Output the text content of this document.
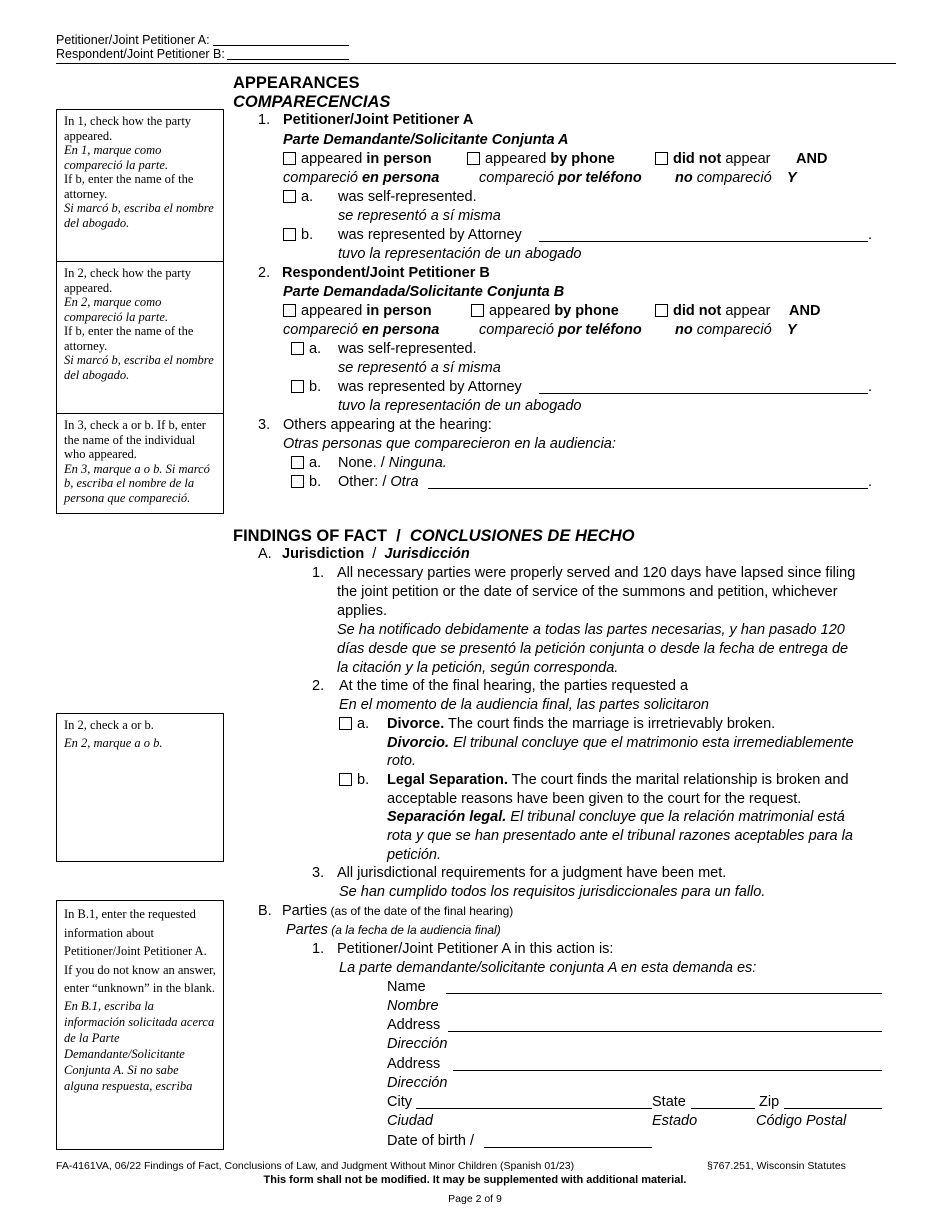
Petitioner/Joint Petitioner A:
Respondent/Joint Petitioner B:
In 1, check how the party appeared.
En 1, marque como compareció la parte.
If b, enter the name of the attorney.
Si marcó b, escriba el nombre del abogado.
In 2, check how the party appeared.
En 2, marque como compareció la parte.
If b, enter the name of the attorney.
Si marcó b, escriba el nombre del abogado.
In 3, check a or b. If b, enter the name of the individual who appeared.
En 3, marque a o b. Si marcó b, escriba el nombre de la persona que compareció.
In 2, check a or b.
En 2, marque a o b.
In B.1, enter the requested information about Petitioner/Joint Petitioner A. If you do not know an answer, enter “unknown” in the blank.
En B.1, escriba la información solicitada acerca de la Parte Demandante/Solicitante Conjunta A. Si no sabe alguna respuesta, escriba
APPEARANCES
COMPARECENCIAS
1. Petitioner/Joint Petitioner A
Parte Demandante/Solicitante Conjunta A
appeared in person	appeared by phone	did not appear AND
compareció en persona	compareció por teléfono no compareció Y
a. was self-represented.
se representó a sí misma
b. was represented by Attorney	.
tuvo la representación de un abogado
2. Respondent/Joint Petitioner B
Parte Demandada/Solicitante Conjunta B
appeared in person	appeared by phone	did not appear AND
compareció en persona	compareció por teléfono no compareció Y
a. was self-represented.
se representó a sí misma
b. was represented by Attorney	.
tuvo la representación de un abogado
3. Others appearing at the hearing:
Otras personas que comparecieron en la audiencia:
a. None. / Ninguna.
b. Other: / Otra	.
FINDINGS OF FACT  /  CONCLUSIONES DE HECHO
A. Jurisdiction  /  Jurisdicción
1. All necessary parties were properly served and 120 days have lapsed since filing
the joint petition or the date of service of the summons and petition, whichever
applies.
Se ha notificado debidamente a todas las partes necesarias, y han pasado 120
días desde que se presentó la petición conjunta o desde la fecha de entrega de
la citación y la petición, según corresponda.
2. At the time of the final hearing, the parties requested a
En el momento de la audiencia final, las partes solicitaron
a. Divorce. The court finds the marriage is irretrievably broken.
Divorcio. El tribunal concluye que el matrimonio esta irremediablemente
roto.
b. Legal Separation. The court finds the marital relationship is broken and
acceptable reasons have been given to the court for the request.
Separación legal. El tribunal concluye que la relación matrimonial está
rota y que se han presentado ante el tribunal razones aceptables para la
petición.
3. All jurisdictional requirements for a judgment have been met.
Se han cumplido todos los requisitos jurisdiccionales para un fallo.
B. Parties (as of the date of the final hearing)
Partes (a la fecha de la audiencia final)
1. Petitioner/Joint Petitioner A in this action is:
La parte demandante/solicitante conjunta A en esta demanda es:
Name
Nombre
Address
Dirección
Address
Dirección
City	State	Zip
Ciudad	Estado	Código Postal
Date of birth /
FA-4161VA, 06/22 Findings of Fact, Conclusions of Law, and Judgment Without Minor Children (Spanish 01/23)	§767.251, Wisconsin Statutes
This form shall not be modified. It may be supplemented with additional material.
Page 2 of 9
